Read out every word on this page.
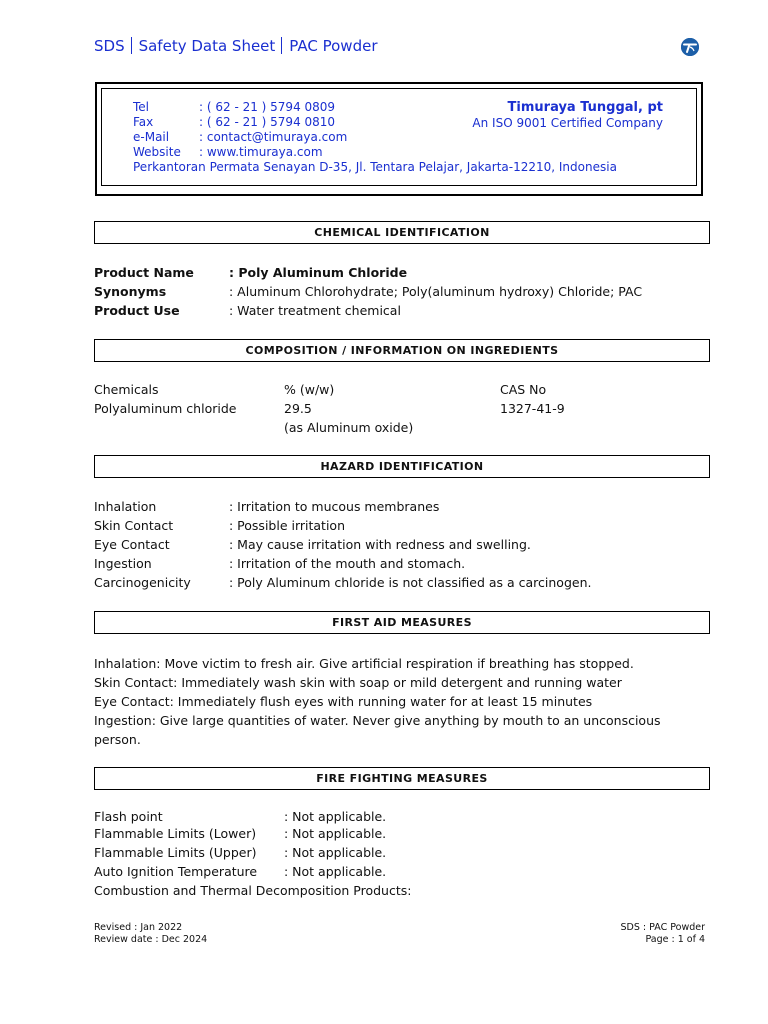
SDS Safety Data Sheet PAC Powder
Tel	: ( 62 - 21 ) 5794 0809
Fax	: ( 62 - 21 ) 5794 0810
e-Mail : contact@timuraya.com
Website : www.timuraya.com
Perkantoran Permata Senayan D-35, Jl. Tentara Pelajar, Jakarta-12210, Indonesia
Timuraya Tunggal, pt
An ISO 9001 Certified Company
CHEMICAL IDENTIFICATION
Product Name	: Poly Aluminum Chloride
Synonyms	: Aluminum Chlorohydrate; Poly(aluminum hydroxy) Chloride; PAC
Product Use	: Water treatment chemical
COMPOSITION / INFORMATION ON INGREDIENTS
Chemicals	% (w/w)	CAS No
Polyaluminum chloride	29.5	1327-41-9
(as Aluminum oxide)
HAZARD IDENTIFICATION
Inhalation	: Irritation to mucous membranes
Skin Contact	: Possible irritation
Eye Contact	: May cause irritation with redness and swelling.
Ingestion	: Irritation of the mouth and stomach.
Carcinogenicity	: Poly Aluminum chloride is not classified as a carcinogen.
FIRST AID MEASURES
Inhalation: Move victim to fresh air. Give artificial respiration if breathing has stopped.
Skin Contact: Immediately wash skin with soap or mild detergent and running water
Eye Contact: Immediately flush eyes with running water for at least 15 minutes
Ingestion: Give large quantities of water. Never give anything by mouth to an unconscious person.
FIRE FIGHTING MEASURES
Flash point	: Not applicable.
Flammable Limits (Lower) : Not applicable.
Flammable Limits (Upper) : Not applicable.
Auto Ignition Temperature : Not applicable.
Combustion and Thermal Decomposition Products:
Revised : Jan 2022
Review date : Dec 2024
SDS : PAC Powder
Page : 1 of 4
